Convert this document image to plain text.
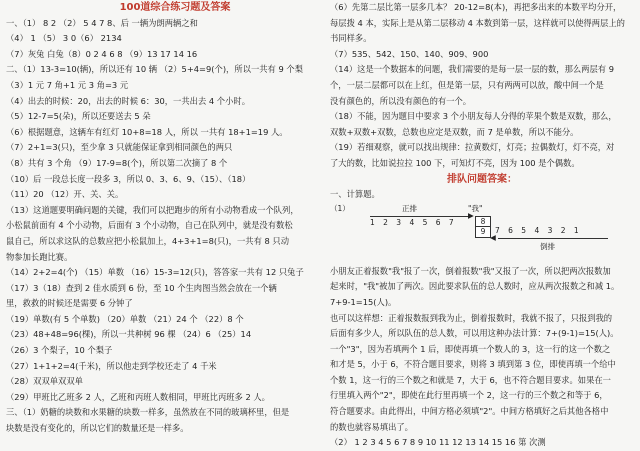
100道综合练习题及答案
一、（1） 8 2 （2） 5 4 7 8、后 一辆为朗两辆之和
（4） 1 （5） 3 0（6） 2134
（7）灰兔 白兔（8）0 2 4 6 8 （9）13 17 14 16
二、（1）13-3=10(辆)，所以还有 10 辆 （2）5+4=9(个)，所以一共有 9 个梨
（3）1 元 7 角+1 元 3 角=3 元
（4）出去的时候：20，出去的时候 6：30，一共出去 4 个小时。
（5）12-7=5(朵)，所以还要送去 5 朵
（6）根据题意，这辆车有红灯 10+8=18 人，所以 一共有 18+1=19 人。
（7）2+1=3(只)，至少拿 3 只就能保证拿到相同颜色的两只
（8）共有 3 个角 （9）17-9=8(个)，所以第二次摘了 8 个
（10）后 一段总长度一段多 3，所以 0、3、6、9、（15）、（18）
（11）20 （12）开、关、关。
（13）这道题要明确问题的关键，我们可以把跑步的所有小动物看成一个队列，
小松鼠前面有 4 个小动物，后面有 3 个小动物，自己在队列中，就是没有数松
鼠自己，所以求这队的总数应把小松鼠加上，4+3+1=8(只)，一共有 8 只动
物参加长跑比赛。
（14）2+2=4(个) （15）单数 （16）15-3=12(只)，答答家一共有 12 只兔子
（17）3（18）查到 2 佳水质到 6 份，至 10 个生肉图当然会放在一个辆
里，救救的时候还是需要 6 分钟了
（19）单数(有 5 个单数) （20）单数 （21）24 个 （22）8 个
（23）48+48=96(棵)，所以一共种树 96 棵 （24）6 （25）14
（26）3 个梨子，10 个梨子
（27）1+1+2=4(千米)，所以他走到学校还走了 4 千米
（28）双双单双双单
（29）甲班比乙班多 2 人，乙班和丙班人数相同，甲班比丙班多 2 人。
三、（1）奶糖的块数和水果糖的块数一样多，虽然放在不同的玻璃杯里，但是
块数是没有变化的，所以它们的数量还是一样多。
（6）先第二层比第一层多几本？ 20-12=8(本)，再把多出来的本数平均分开，
每层拨 4 本，实际上是从第二层移动 4 本数到第一层，这样就可以使得两层上的
书同样多。
（7）535、542、150、140、909、900
（14）这是一个数据本的问题，我们需要的是每一层一层的数，那么两层有 9
个，一层二层都可以在上红，但是第一层，只有两两可以放，酸中间一个是
没有颜色的，所以没有颜色的有一个。
（18）不能，因为题目中要求 3 个小朋友每人分得的苹果个数是双数，那么，
双数+双数+双数，总数也应定是双数，而 7 是单数，所以不能分。
（19）若细观察，就可以找出规律：拉黄数灯，灯亮；拉偶数灯，灯不亮，对
了大的数，比如说拉拉 100 下，可知灯不亮，因为 100 是个偶数。
排队问题答案：
一、计算题。
（1）	正排	"我"
▶
1 2 3 4 5 6 7	8
9	7 6 5 4 3 2 1
◀
倒排
小朋友正着报数"我"报了一次，倒着报数"我"又报了一次，所以把两次报数加
起来时，"我"被加了两次。因此要求队伍的总人数时，应从两次报数之和减 1。
7+9-1=15(人)。
也可以这样想：正着报数报到我为止，倒着报数时，我就不报了，只报到我的
后面有多少人，所以队伍的总人数，可以用这种办法计算：7+(9-1)=15(人)。
一个"3"，因为若填两个 1 后，即使再填一个数人的 3，这一行的这一个数之
和才是 5，小于 6，不符合题目要求，则将 3 填到第 3 位，即使再填一个给中
个数 1，这一行的三个数之和就是 7，大于 6，也不符合题目要求。如果在一
行里填入两个"2"，即使在此行里再填一个 2，这一行的三个数之和等于 6，
符合题要求。由此得出，中间方格必须填"2"。中间方格填好之后其他各格中
的数也就容易填出了。
（2） 1 2 3 4 5 6 7 8 9 10 11 12 13 14 15 16 第 次测
